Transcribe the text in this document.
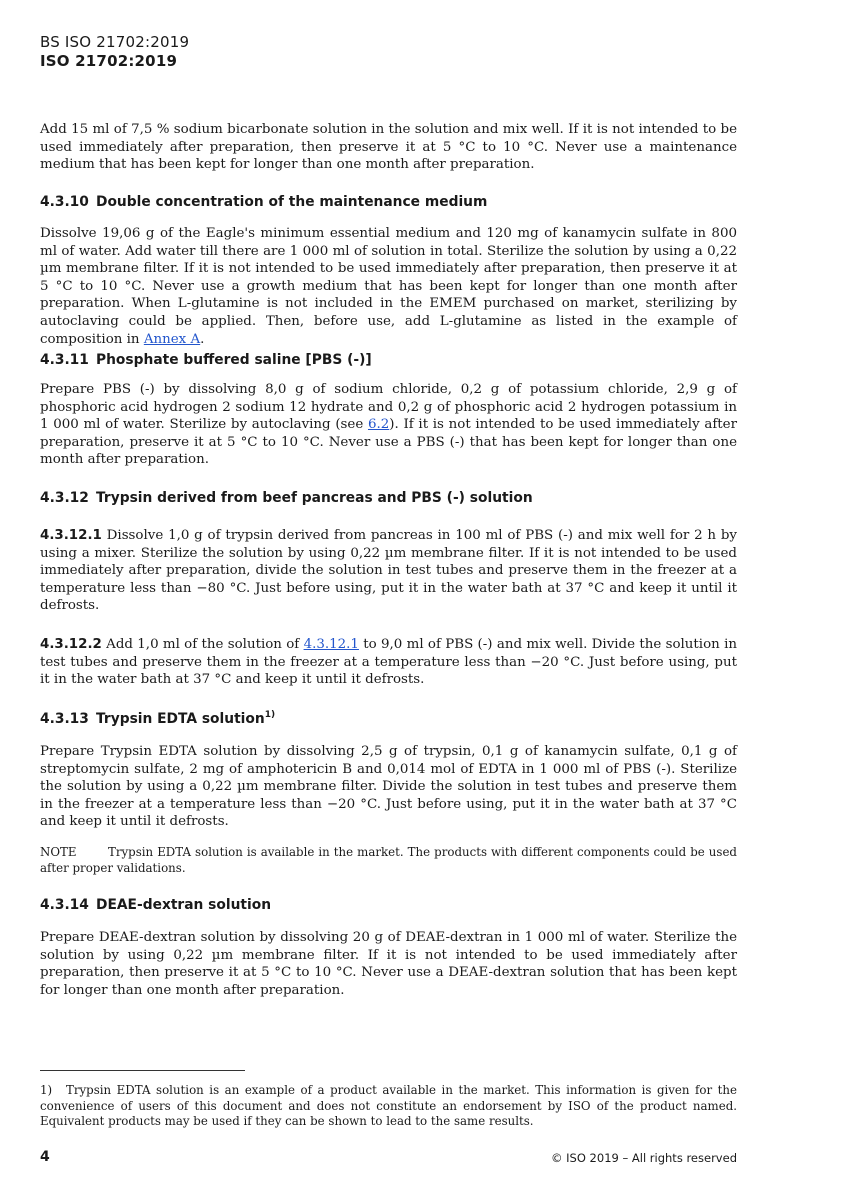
BS ISO 21702:2019
ISO 21702:2019

Add 15 ml of 7,5 % sodium bicarbonate solution in the solution and mix well. If it is not intended to be used immediately after preparation, then preserve it at 5 °C to 10 °C. Never use a maintenance medium that has been kept for longer than one month after preparation.

4.3.10 Double concentration of the maintenance medium

Dissolve 19,06 g of the Eagle's minimum essential medium and 120 mg of kanamycin sulfate in 800 ml of water. Add water till there are 1 000 ml of solution in total. Sterilize the solution by using a 0,22 µm membrane filter. If it is not intended to be used immediately after preparation, then preserve it at 5 °C to 10 °C. Never use a growth medium that has been kept for longer than one month after preparation. When L-glutamine is not included in the EMEM purchased on market, sterilizing by autoclaving could be applied. Then, before use, add L-glutamine as listed in the example of composition in Annex A.

4.3.11 Phosphate buffered saline [PBS (-)]

Prepare PBS (-) by dissolving 8,0 g of sodium chloride, 0,2 g of potassium chloride, 2,9 g of phosphoric acid hydrogen 2 sodium 12 hydrate and 0,2 g of phosphoric acid 2 hydrogen potassium in 1 000 ml of water. Sterilize by autoclaving (see 6.2). If it is not intended to be used immediately after preparation, preserve it at 5 °C to 10 °C. Never use a PBS (-) that has been kept for longer than one month after preparation.

4.3.12 Trypsin derived from beef pancreas and PBS (-) solution

4.3.12.1 Dissolve 1,0 g of trypsin derived from pancreas in 100 ml of PBS (-) and mix well for 2 h by using a mixer. Sterilize the solution by using 0,22 µm membrane filter. If it is not intended to be used immediately after preparation, divide the solution in test tubes and preserve them in the freezer at a temperature less than −80 °C. Just before using, put it in the water bath at 37 °C and keep it until it defrosts.

4.3.12.2 Add 1,0 ml of the solution of 4.3.12.1 to 9,0 ml of PBS (-) and mix well. Divide the solution in test tubes and preserve them in the freezer at a temperature less than −20 °C. Just before using, put it in the water bath at 37 °C and keep it until it defrosts.

4.3.13 Trypsin EDTA solution$^{1)}$

Prepare Trypsin EDTA solution by dissolving 2,5 g of trypsin, 0,1 g of kanamycin sulfate, 0,1 g of streptomycin sulfate, 2 mg of amphotericin B and 0,014 mol of EDTA in 1 000 ml of PBS (-). Sterilize the solution by using a 0,22 µm membrane filter. Divide the solution in test tubes and preserve them in the freezer at a temperature less than −20 °C. Just before using, put it in the water bath at 37 °C and keep it until it defrosts.

NOTE	Trypsin EDTA solution is available in the market. The products with different components could be used after proper validations.

4.3.14 DEAE-dextran solution

Prepare DEAE-dextran solution by dissolving 20 g of DEAE-dextran in 1 000 ml of water. Sterilize the solution by using 0,22 µm membrane filter. If it is not intended to be used immediately after preparation, then preserve it at 5 °C to 10 °C. Never use a DEAE-dextran solution that has been kept for longer than one month after preparation.

1) Trypsin EDTA solution is an example of a product available in the market. This information is given for the convenience of users of this document and does not constitute an endorsement by ISO of the product named. Equivalent products may be used if they can be shown to lead to the same results.

4	© ISO 2019 – All rights reserved
